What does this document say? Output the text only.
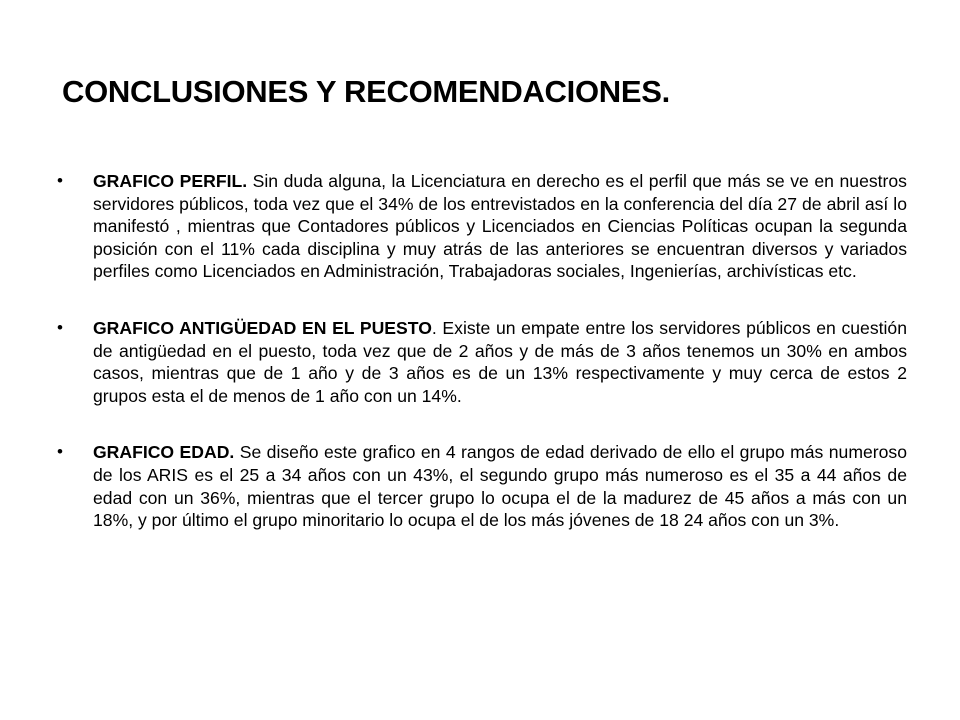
CONCLUSIONES Y RECOMENDACIONES.
•	GRAFICO PERFIL. Sin duda alguna, la Licenciatura en derecho es el perfil que más se ve en nuestros servidores públicos, toda vez que el 34% de los entrevistados en la conferencia del día 27 de abril así lo manifestó , mientras que Contadores públicos y Licenciados en Ciencias Políticas ocupan la segunda posición con el 11% cada disciplina y muy atrás de las anteriores se encuentran diversos y variados perfiles como Licenciados en Administración, Trabajadoras sociales, Ingenierías, archivísticas etc.
•	GRAFICO ANTIGÜEDAD EN EL PUESTO. Existe un empate entre los servidores públicos en cuestión de antigüedad en el puesto, toda vez que de 2 años y de más de 3 años tenemos un 30% en ambos casos, mientras que de 1 año y de 3 años es de un 13% respectivamente y muy cerca de estos 2 grupos esta el de menos de 1 año con un 14%.
•	GRAFICO EDAD. Se diseño este grafico en 4 rangos de edad derivado de ello el grupo más numeroso de los ARIS es el 25 a 34 años con un 43%, el segundo grupo más numeroso es el 35 a 44 años de edad con un 36%, mientras que el tercer grupo lo ocupa el de la madurez de 45 años a más con un 18%, y por último el grupo minoritario lo ocupa el de los más jóvenes de 18 24 años con un 3%.
